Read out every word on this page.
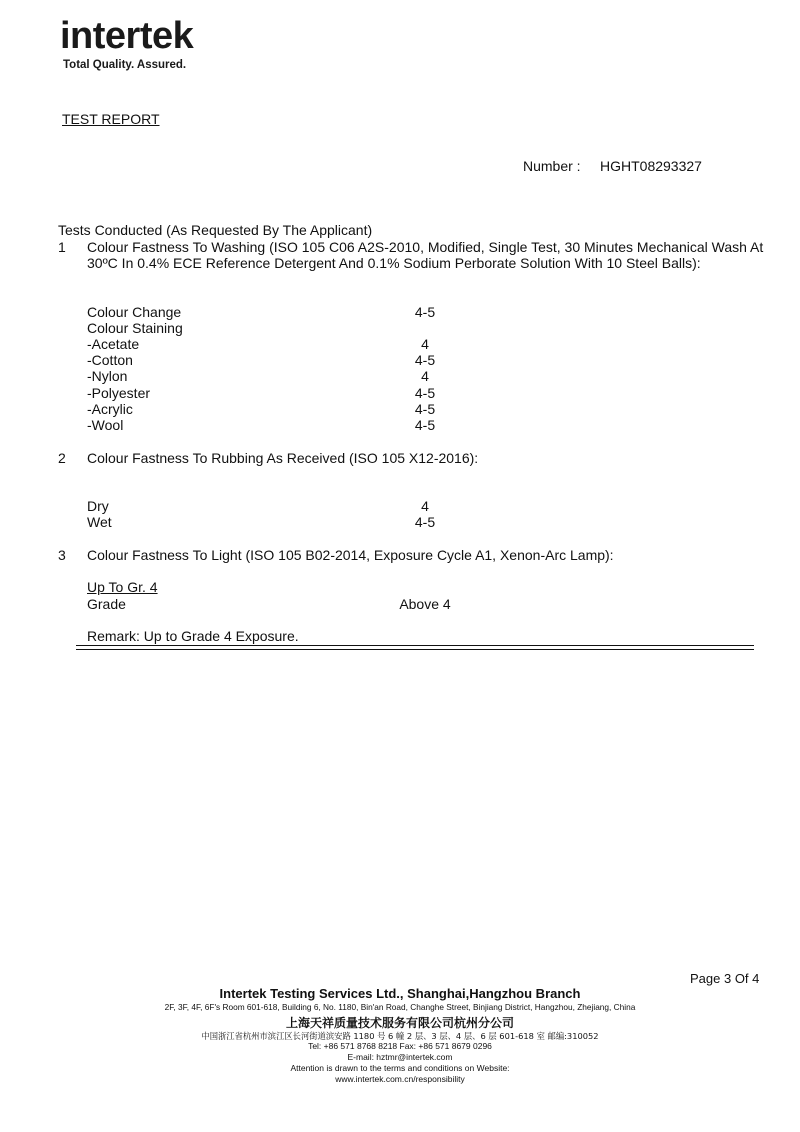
intertek
Total Quality. Assured.
TEST REPORT
Number : HGHT08293327
Tests Conducted (As Requested By The Applicant)
1 Colour Fastness To Washing (ISO 105 C06 A2S-2010, Modified, Single Test, 30 Minutes Mechanical Wash At
30ºC In 0.4% ECE Reference Detergent And 0.1% Sodium Perborate Solution With 10 Steel Balls):
Colour Change	4-5
Colour Staining
-Acetate	4
-Cotton	4-5
-Nylon	4
-Polyester	4-5
-Acrylic	4-5
-Wool	4-5
2 Colour Fastness To Rubbing As Received (ISO 105 X12-2016):
Dry	4
Wet	4-5
3 Colour Fastness To Light (ISO 105 B02-2014, Exposure Cycle A1, Xenon-Arc Lamp):
Up To Gr. 4
Grade	Above 4
Remark: Up to Grade 4 Exposure.
Page 3 Of 4
Intertek Testing Services Ltd., Shanghai,Hangzhou Branch
2F, 3F, 4F, 6F's Room 601-618, Building 6, No. 1180, Bin'an Road, Changhe Street, Binjiang District, Hangzhou, Zhejiang, China
上海天祥质量技术服务有限公司杭州分公司
中国浙江省杭州市滨江区长河街道滨安路 1180 号 6 幢 2 层、3 层、4 层、6 层 601-618 室 邮编:310052
Tel: +86 571 8768 8218 Fax: +86 571 8679 0296
E-mail: hztmr@intertek.com
Attention is drawn to the terms and conditions on Website:
www.intertek.com.cn/responsibility
